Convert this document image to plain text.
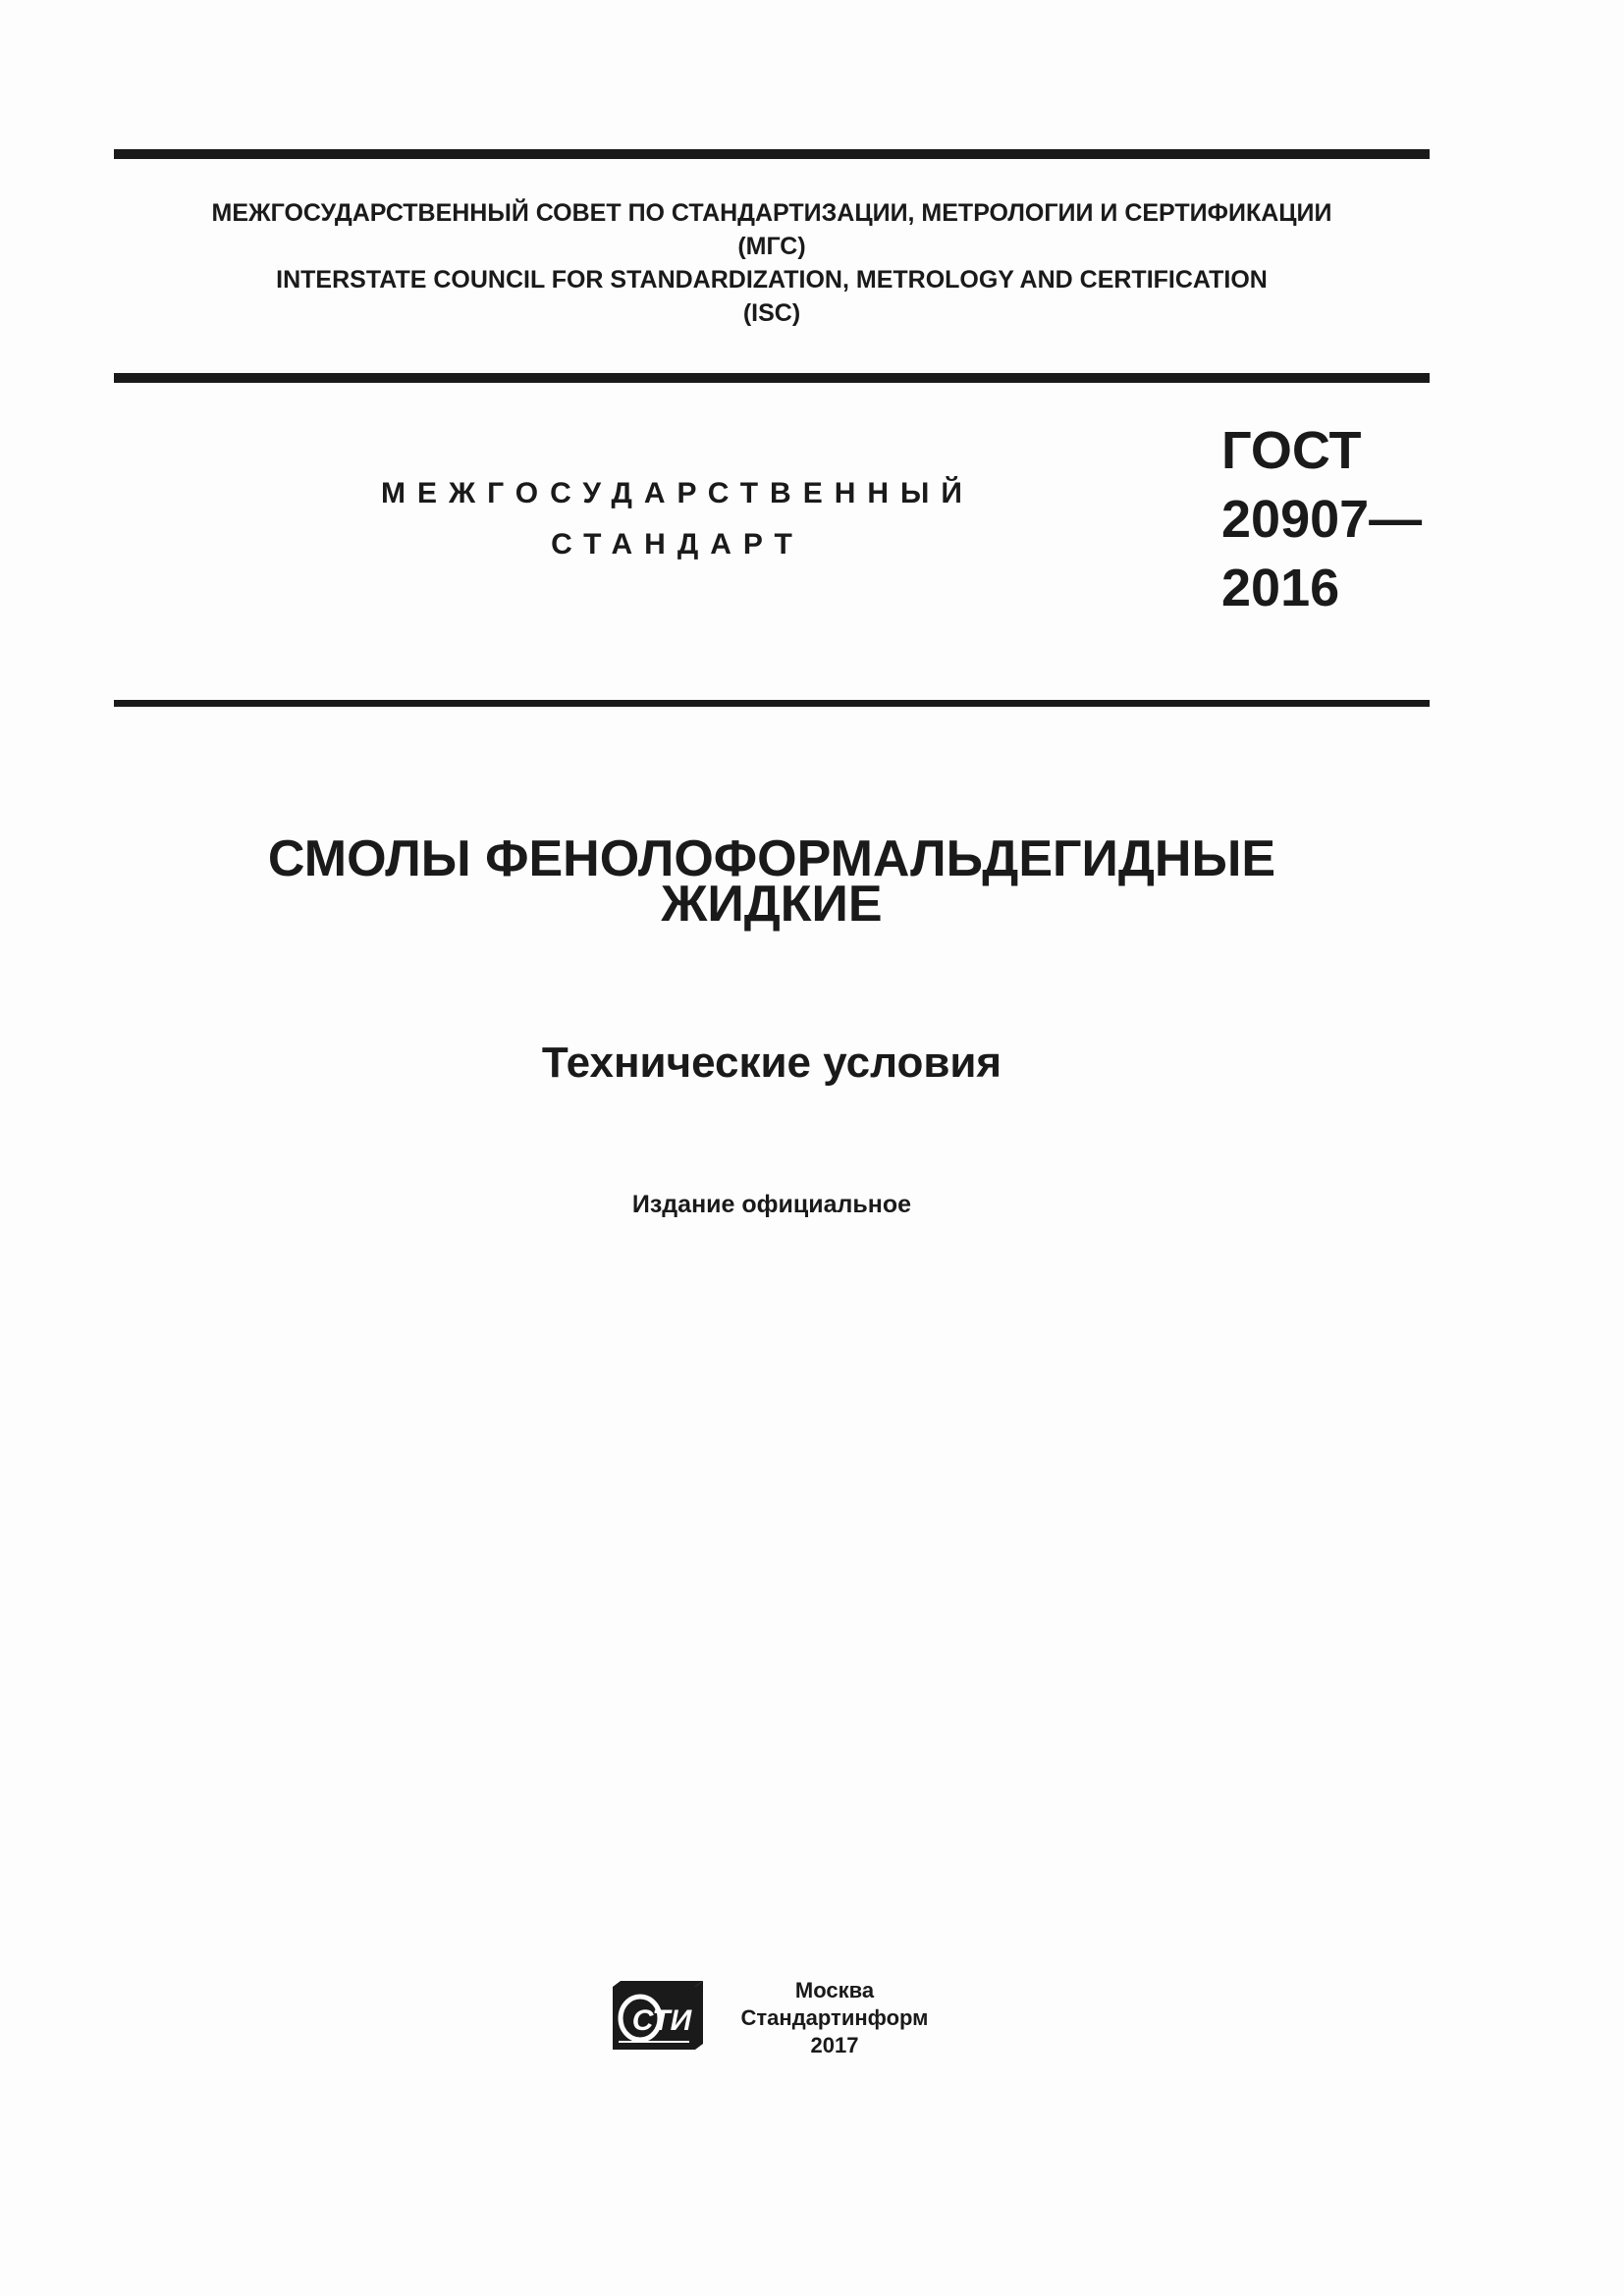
МЕЖГОСУДАРСТВЕННЫЙ СОВЕТ ПО СТАНДАРТИЗАЦИИ, МЕТРОЛОГИИ И СЕРТИФИКАЦИИ
(МГС)
INTERSTATE COUNCIL FOR STANDARDIZATION, METROLOGY AND CERTIFICATION
(ISC)
МЕЖГОСУДАРСТВЕННЫЙ
СТАНДАРТ
ГОСТ
20907—
2016
СМОЛЫ ФЕНОЛОФОРМАЛЬДЕГИДНЫЕ
ЖИДКИЕ
Технические условия
Издание официальное
СТИ
Москва
Стандартинформ
2017
